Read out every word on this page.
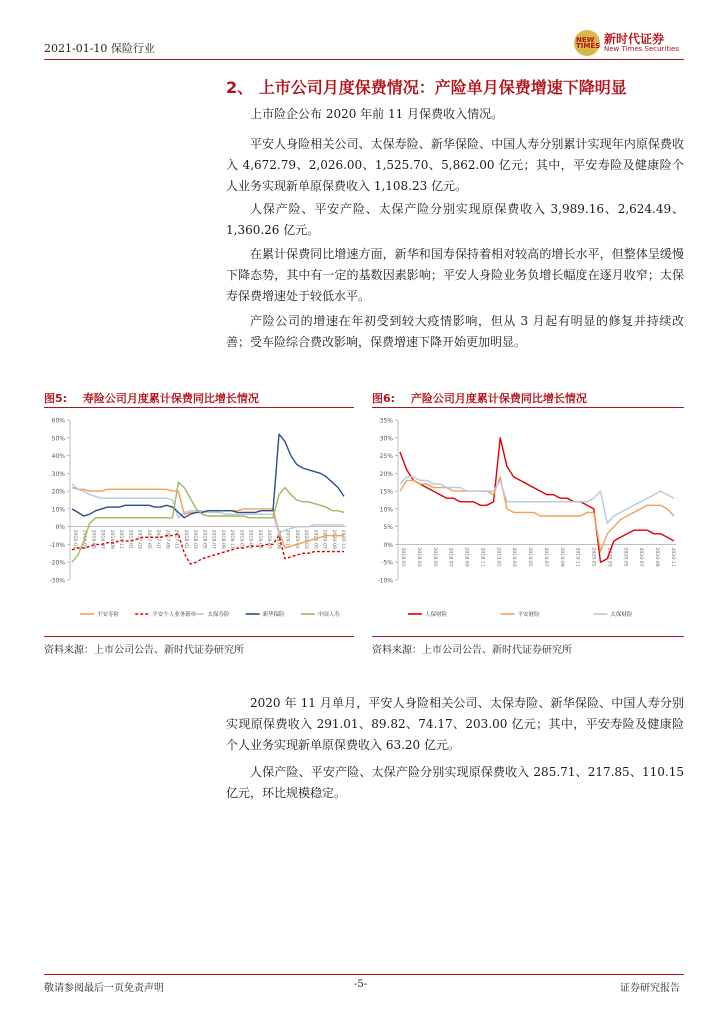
2021-01-10 保险行业
NEW TIMES 新时代证券
New Times Securities
2、 上市公司月度保费情况：产险单月保费增速下降明显

上市险企公布 2020 年前 11 月保费收入情况。

平安人身险相关公司、太保寿险、新华保险、中国人寿分别累计实现年内原保费收入 4,672.79、2,026.00、1,525.70、5,862.00 亿元；其中，平安寿险及健康险个人业务实现新单原保费收入 1,108.23 亿元。

人保产险、平安产险、太保产险分别实现原保费收入 3,989.16、2,624.49、1,360.26 亿元。

在累计保费同比增速方面，新华和国寿保持着相对较高的增长水平，但整体呈缓慢下降态势，其中有一定的基数因素影响；平安人身险业务负增长幅度在逐月收窄；太保寿保费增速处于较低水平。

产险公司的增速在年初受到较大疫情影响，但从 3 月起有明显的修复并持续改善；受车险综合费改影响，保费增速下降开始更加明显。

图5: 寿险公司月度累计保费同比增长情况
60%
50%
40%
30%
20%
10%
0%
-10%
-20%
-30%
2016-01 2016-03 2016-05 2016-07 2016-09 2016-11 2017-01 2017-03 2017-05 2017-07 2017-09 2017-11 2018-01 2018-03 2018-05 2018-07 2018-09 2018-11 2019-01 2019-03 2019-05 2019-07 2019-09 2019-11 2020-01 2020-03 2020-05 2020-07 2020-09 2020-11
平安寿险	平安个人业务新单 太保寿险	新华保险	中国人寿
资料来源：上市公司公告、新时代证券研究所
图6: 产险公司月度累计保费同比增长情况
35%
30%
25%
20%
15%
10%
5%
0%
-5%
-10%
2018-01 2018-03 2018-05 2018-07 2018-09 2018-11 2019-01 2019-03 2019-05 2019-07 2019-09 2019-11 2020-01 2020-03 2020-05 2020-07 2020-09 2020-11
人保财险	平安财险	太保财险
资料来源：上市公司公告、新时代证券研究所

2020 年 11 月单月，平安人身险相关公司、太保寿险、新华保险、中国人寿分别实现原保费收入 291.01、89.82、74.17、203.00 亿元；其中，平安寿险及健康险个人业务实现新单原保费收入 63.20 亿元。

人保产险、平安产险、太保产险分别实现原保费收入 285.71、217.85、110.15 亿元，环比规模稳定。

敬请参阅最后一页免责声明	-5-	证券研究报告
